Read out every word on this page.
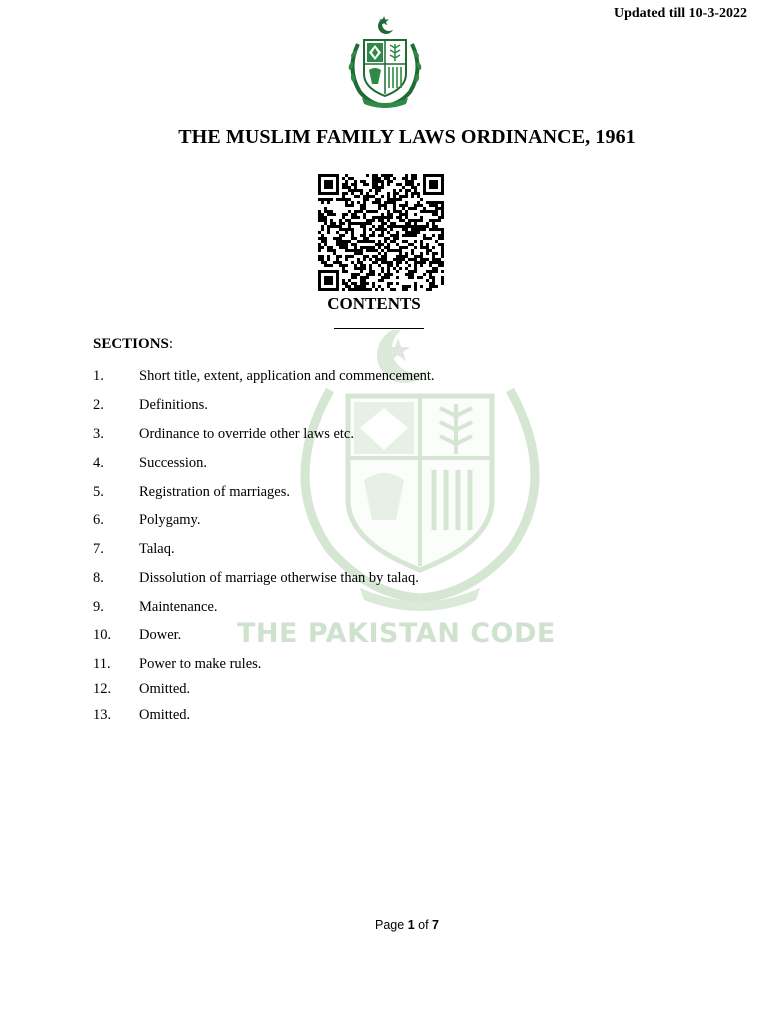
Updated till 10-3-2022
THE MUSLIM FAMILY LAWS ORDINANCE, 1961
CONTENTS
THE PAKISTAN CODE
SECTIONS:
1. Short title, extent, application and commencement.
2. Definitions.
3. Ordinance to override other laws etc.
4. Succession.
5. Registration of marriages.
6. Polygamy.
7. Talaq.
8. Dissolution of marriage otherwise than by talaq.
9. Maintenance.
10. Dower.
11. Power to make rules.
12. Omitted.
13. Omitted.
Page 1 of 7
